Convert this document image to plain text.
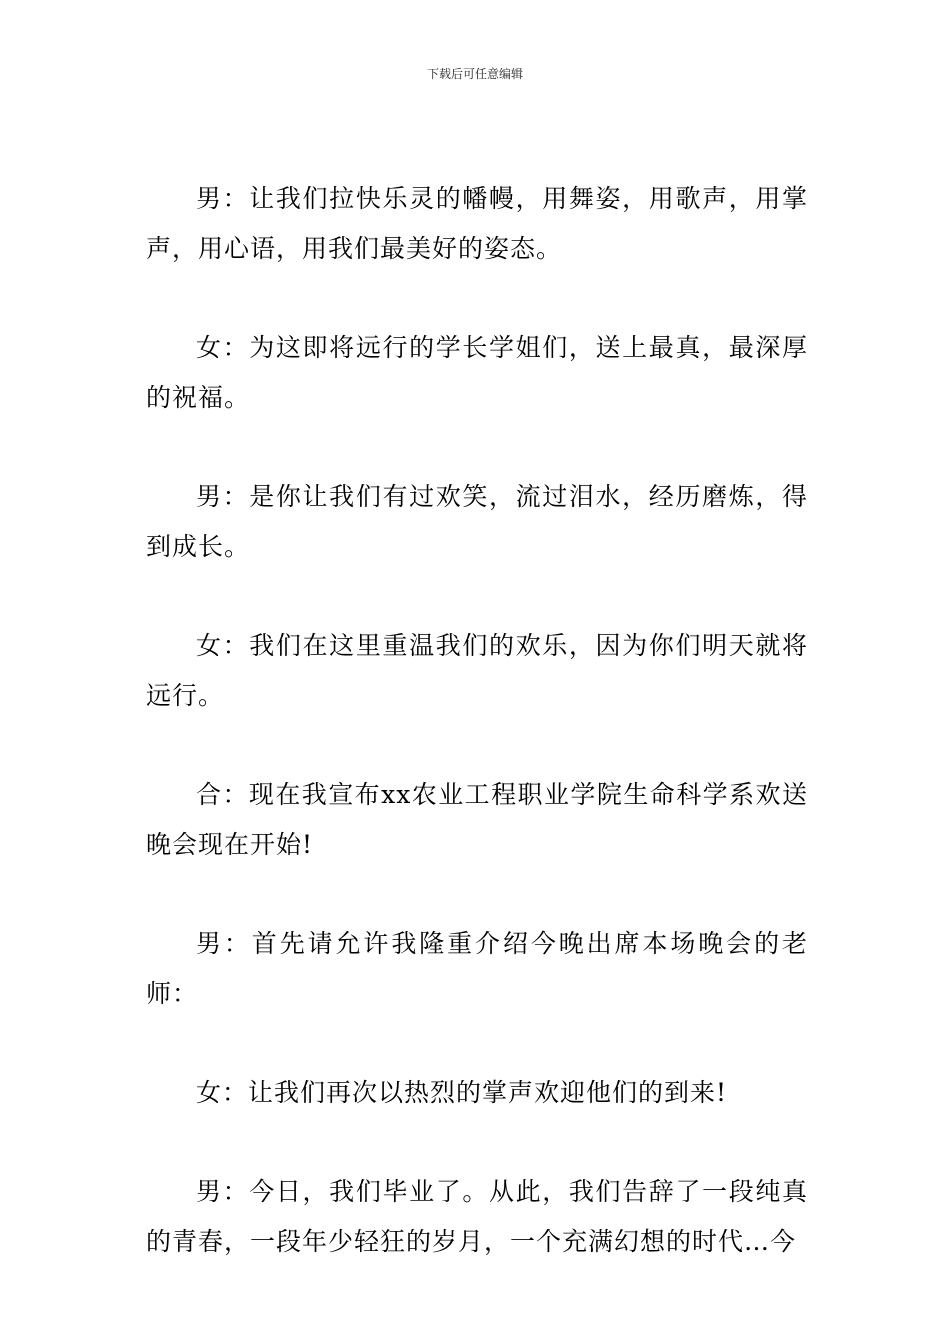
下载后可任意编辑

男：让我们拉快乐灵的幡幔，用舞姿，用歌声，用掌声，用心语，用我们最美好的姿态。

女：为这即将远行的学长学姐们，送上最真，最深厚的祝福。

男：是你让我们有过欢笑，流过泪水，经历磨炼，得到成长。

女：我们在这里重温我们的欢乐，因为你们明天就将远行。

合：现在我宣布xx农业工程职业学院生命科学系欢送晚会现在开始!

男：首先请允许我隆重介绍今晚出席本场晚会的老师：

女：让我们再次以热烈的掌声欢迎他们的到来!

男：今日，我们毕业了。从此，我们告辞了一段纯真的青春，一段年少轻狂的岁月，一个充满幻想的时代…今
